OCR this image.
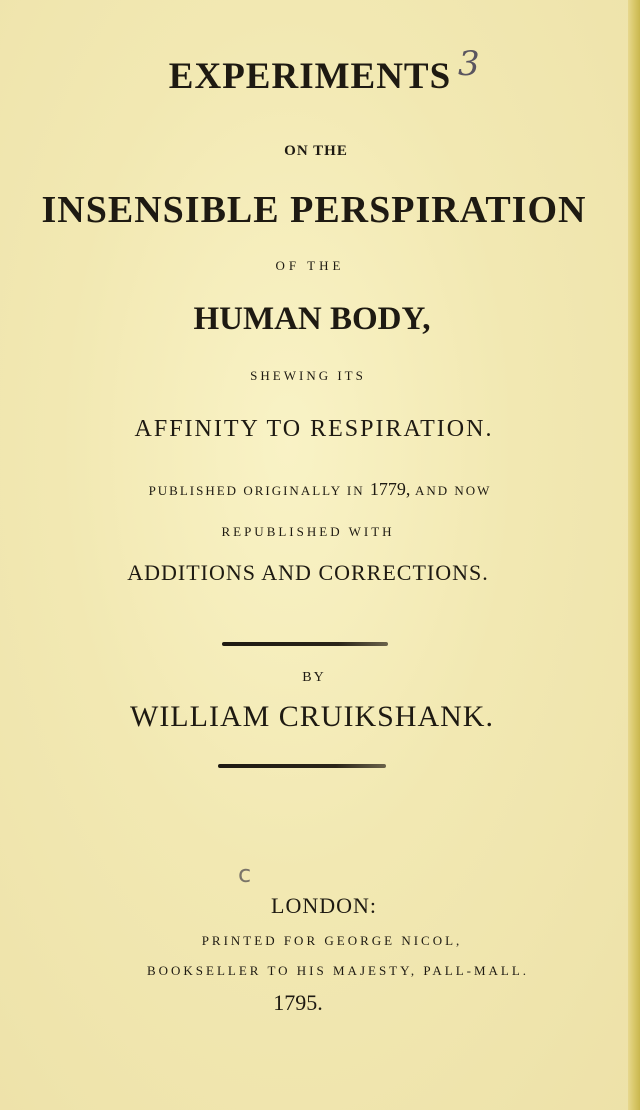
EXPERIMENTS 3
ON THE
INSENSIBLE PERSPIRATION
OF THE
HUMAN BODY,
SHEWING ITS
AFFINITY TO RESPIRATION.
PUBLISHED ORIGINALLY IN 1779, AND NOW
REPUBLISHED WITH
ADDITIONS AND CORRECTIONS.
BY
WILLIAM CRUIKSHANK.
c
LONDON:
PRINTED FOR GEORGE NICOL,
BOOKSELLER TO HIS MAJESTY, PALL-MALL.
1795.
